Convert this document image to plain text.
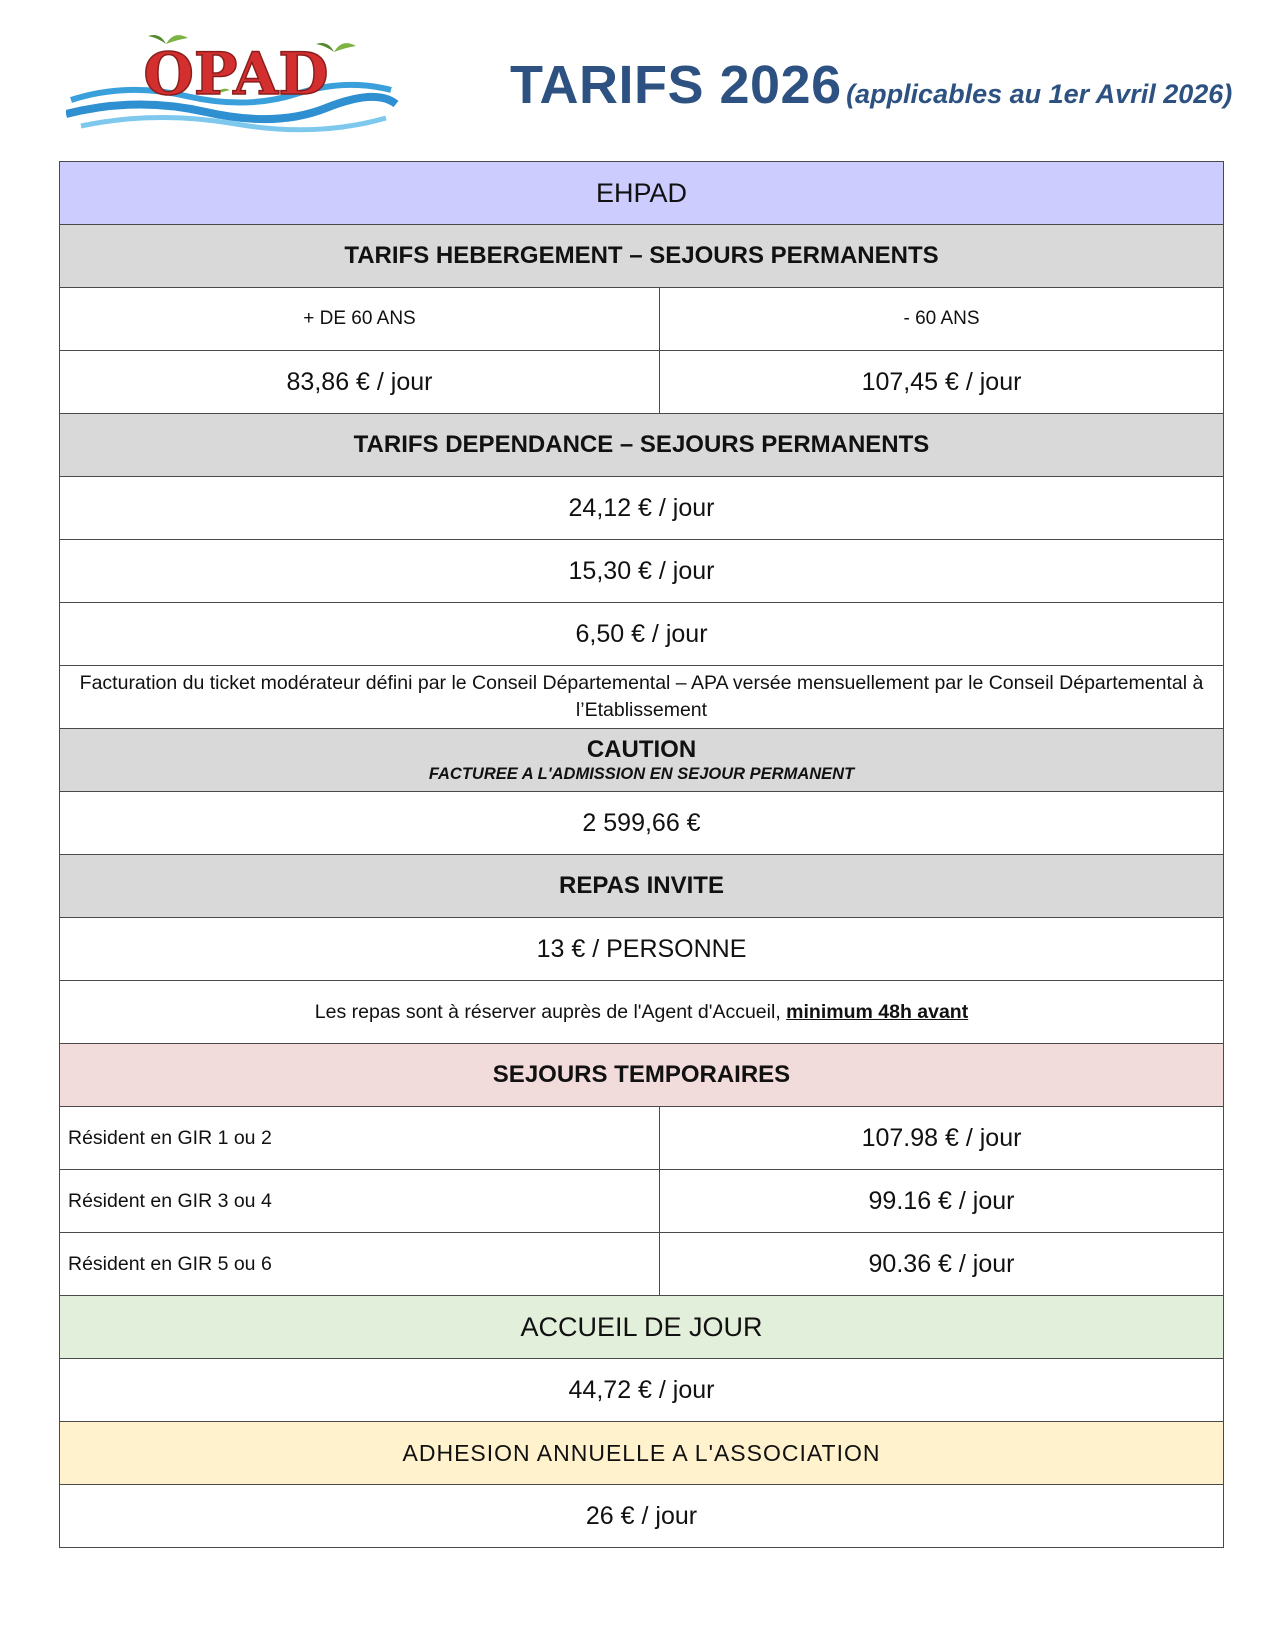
OPAD	TARIFS 2026 (applicables au 1er Avril 2026)
EHPAD	
TARIFS HEBERGEMENT – SEJOURS PERMANENTS	
+ DE 60 ANS	- 60 ANS
83,86 € / jour	107,45 € / jour
TARIFS DEPENDANCE – SEJOURS PERMANENTS	
24,12 € / jour	
15,30 € / jour	
6,50 € / jour	
Facturation du ticket modérateur défini par le Conseil Départemental – APA versée mensuellement par le Conseil Départemental à l’Etablissement	

CAUTION
FACTUREE A L'ADMISSION EN SEJOUR PERMANENT	

2 599,66 €	
REPAS INVITE	
13 € / PERSONNE	
Les repas sont à réserver auprès de l'Agent d'Accueil, minimum 48h avant	
SEJOURS TEMPORAIRES	
Résident en GIR 1 ou 2	107.98 € / jour
Résident en GIR 3 ou 4	99.16 € / jour
Résident en GIR 5 ou 6	90.36 € / jour
ACCUEIL DE JOUR	
44,72 € / jour	
ADHESION ANNUELLE A L'ASSOCIATION	
26 € / jour	
